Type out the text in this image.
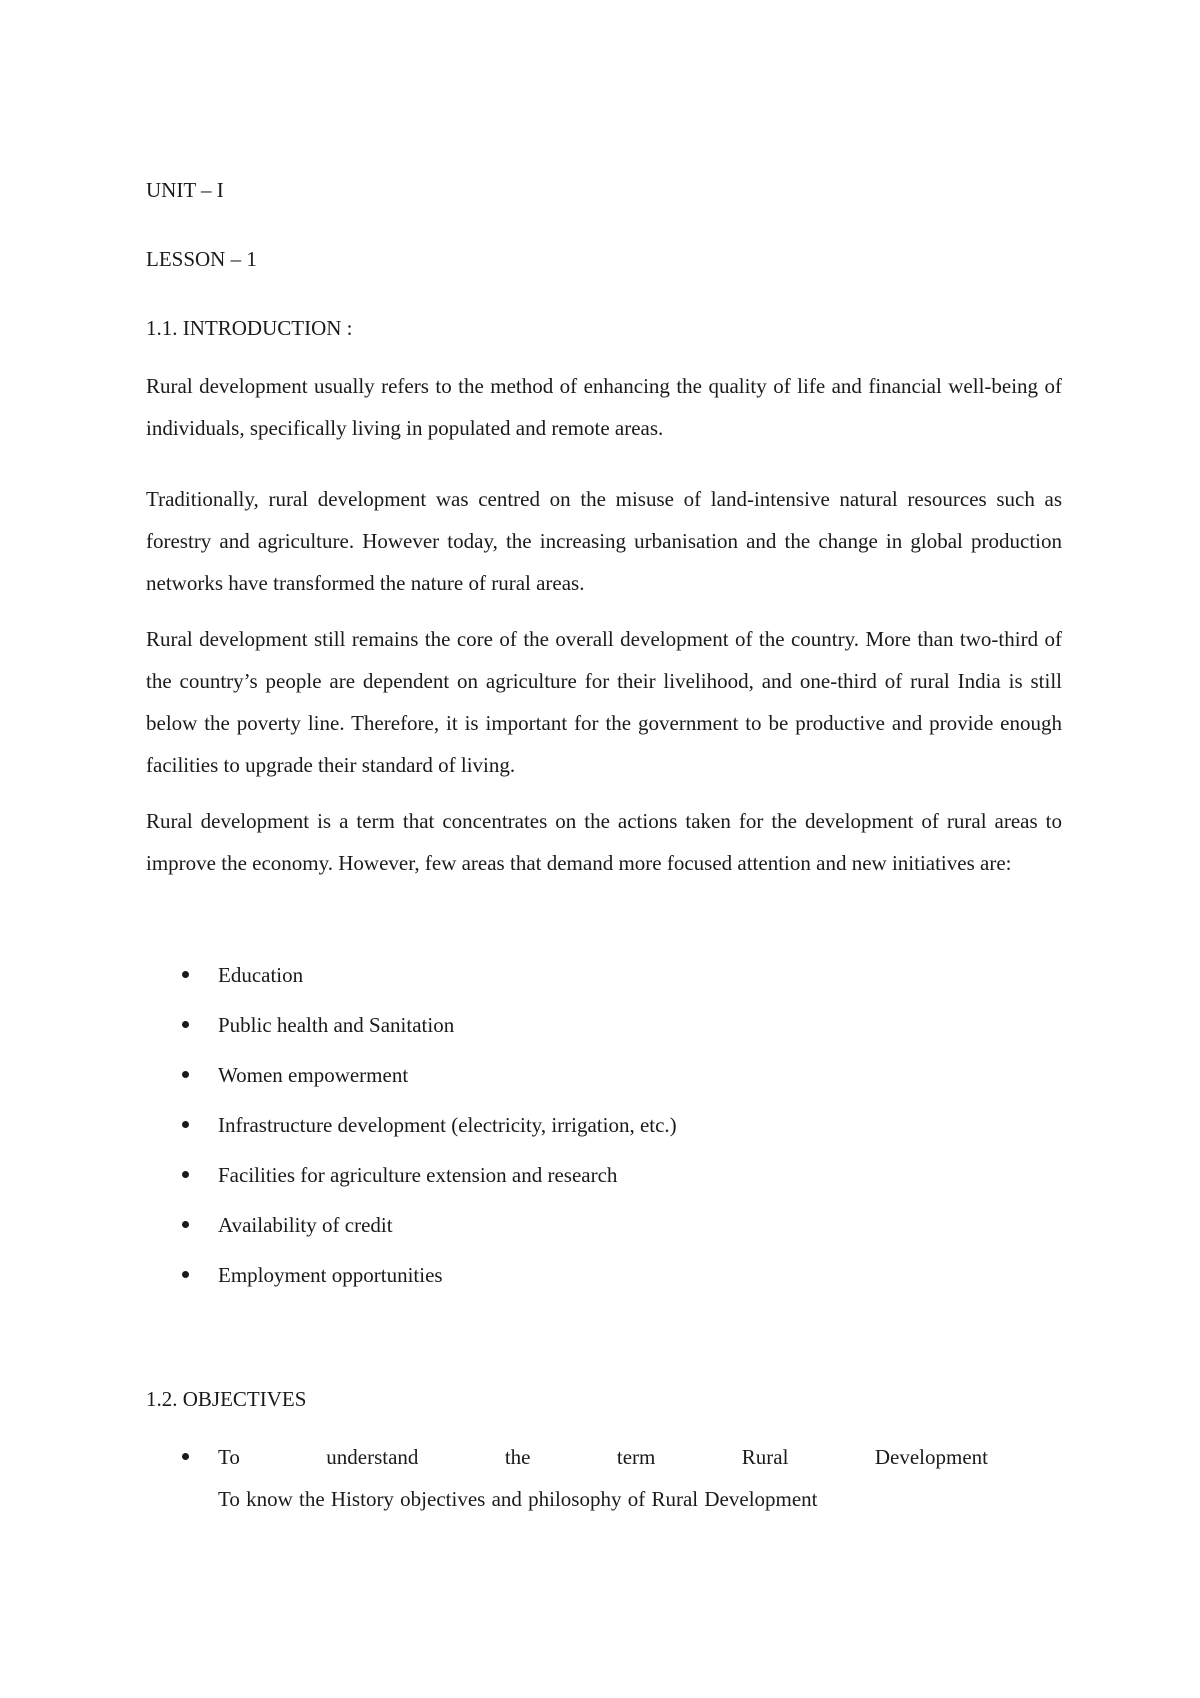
UNIT – I
LESSON – 1
1.1. INTRODUCTION :

Rural development usually refers to the method of enhancing the quality of life and financial well-being of individuals, specifically living in populated and remote areas.

Traditionally, rural development was centred on the misuse of land-intensive natural resources such as forestry and agriculture. However today, the increasing urbanisation and the change in global production networks have transformed the nature of rural areas.

Rural development still remains the core of the overall development of the country. More than two-third of the country’s people are dependent on agriculture for their livelihood, and one-third of rural India is still below the poverty line. Therefore, it is important for the government to be productive and provide enough facilities to upgrade their standard of living.

Rural development is a term that concentrates on the actions taken for the development of rural areas to improve the economy. However, few areas that demand more focused attention and new initiatives are:

Education
Public health and Sanitation
Women empowerment
Infrastructure development (electricity, irrigation, etc.)
Facilities for agriculture extension and research
Availability of credit
Employment opportunities
1.2. OBJECTIVES
To	understand	the	term	Rural	Development
To know the History objectives and philosophy of Rural Development
